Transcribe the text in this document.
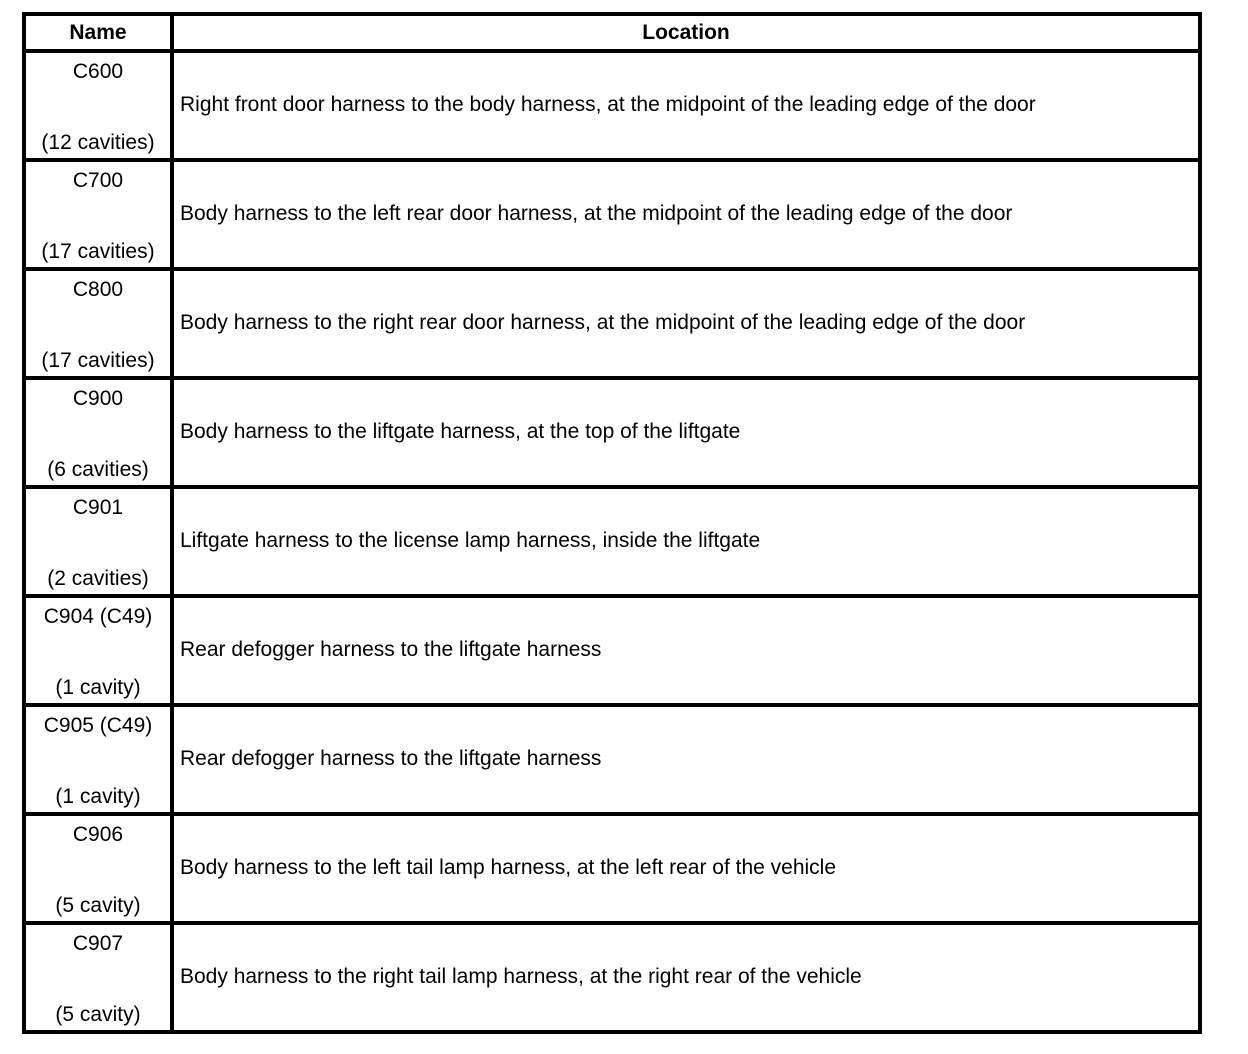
Name	Location

C600
(12 cavities)	Right front door harness to the body harness, at the midpoint of the leading edge of the door

C700
(17 cavities)	Body harness to the left rear door harness, at the midpoint of the leading edge of the door

C800
(17 cavities)	Body harness to the right rear door harness, at the midpoint of the leading edge of the door

C900
(6 cavities)	Body harness to the liftgate harness, at the top of the liftgate

C901
(2 cavities)	Liftgate harness to the license lamp harness, inside the liftgate

C904 (C49)
(1 cavity)	Rear defogger harness to the liftgate harness

C905 (C49)
(1 cavity)	Rear defogger harness to the liftgate harness

C906
(5 cavity)	Body harness to the left tail lamp harness, at the left rear of the vehicle

C907
(5 cavity)	Body harness to the right tail lamp harness, at the right rear of the vehicle
